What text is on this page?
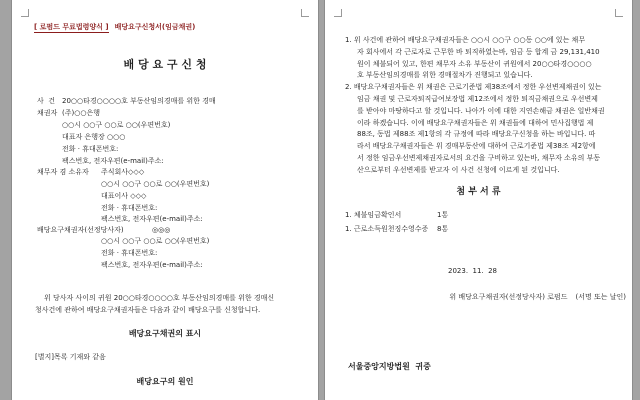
[ 로펌드 무료법령양식 ] 배당요구신청서(임금채권)
배 당 요 구 신 청
사  건 20○○타경○○○○호 부동산임의경매를 위한 경매
채권자 (주)○○은행
○○시 ○○구 ○○로 ○○(우편번호)
대표자 은행장 ○○○
전화 · 휴대폰번호:
팩스번호, 전자우편(e-mail)주소:
채무자 겸 소유자 주식회사◇◇◇
○○시 ○○구 ○○로 ○○(우편번호)
대표이사 ◇◇◇
전화 · 휴대폰번호:
팩스번호, 전자우편(e-mail)주소:
배당요구채권자(선정당사자)	◎◎◎
○○시 ○○구 ○○로 ○○(우편번호)
전화 · 휴대폰번호:
팩스번호, 전자우편(e-mail)주소:
위 당사자 사이의 귀원 20○○타경○○○○호 부동산임의경매를 위한 경매신
청사건에 관하여 배당요구채권자들은 다음과 같이 배당요구를 신청합니다.
배당요구채권의 표시
[별지]목록 기재와 같음
배당요구의 원인
1. 위 사건에 관하여 배당요구채권자들은 ○○시 ○○구 ○○동 ○○에 있는 채무
자 회사에서 각 근로자로 근무한 바 퇴직하였는바, 임금 등 합계 금 29,131,410
원이 체불되어 있고, 한편 채무자 소유 부동산이 귀원에서 20○○타경○○○○
호 부동산임의경매를 위한 경매절차가 진행되고 있습니다.
2. 배당요구채권자들은 위 채권은 근로기준법 제38조에서 정한 우선변제채권이 있는
임금 채권 및 근로자퇴직급여보장법 제12조에서 정한 퇴직금채권으로 우선변제
를 받아야 마땅하다고 할 것입니다. 나아가 이에 대한 지연손해금 채권은 일반채권
이라 하겠습니다. 이에 배당요구채권자들은 위 채권들에 대하여 민사집행법 제
88조, 동법 제88조 제1항의 각 규정에 따라 배당요구신청을 하는 바입니다. 따
라서 배당요구채권자들은 위 경매부동산에 대하여 근로기준법 제38조 제2항에
서 정한 임금우선변제채권자로서의 요건을 구비하고 있는바, 채무자 소유의 부동
산으로부터 우선변제를 받고자 이 사건 신청에 이르게 된 것입니다.
첨 부 서 류
1. 체불임금확인서	1통
1. 근로소득원천징수영수증 8통
2023.  11.  28
위 배당요구채권자(선정당사자) 로펌드 (서명 또는 날인)
서울중앙지방법원  귀중
